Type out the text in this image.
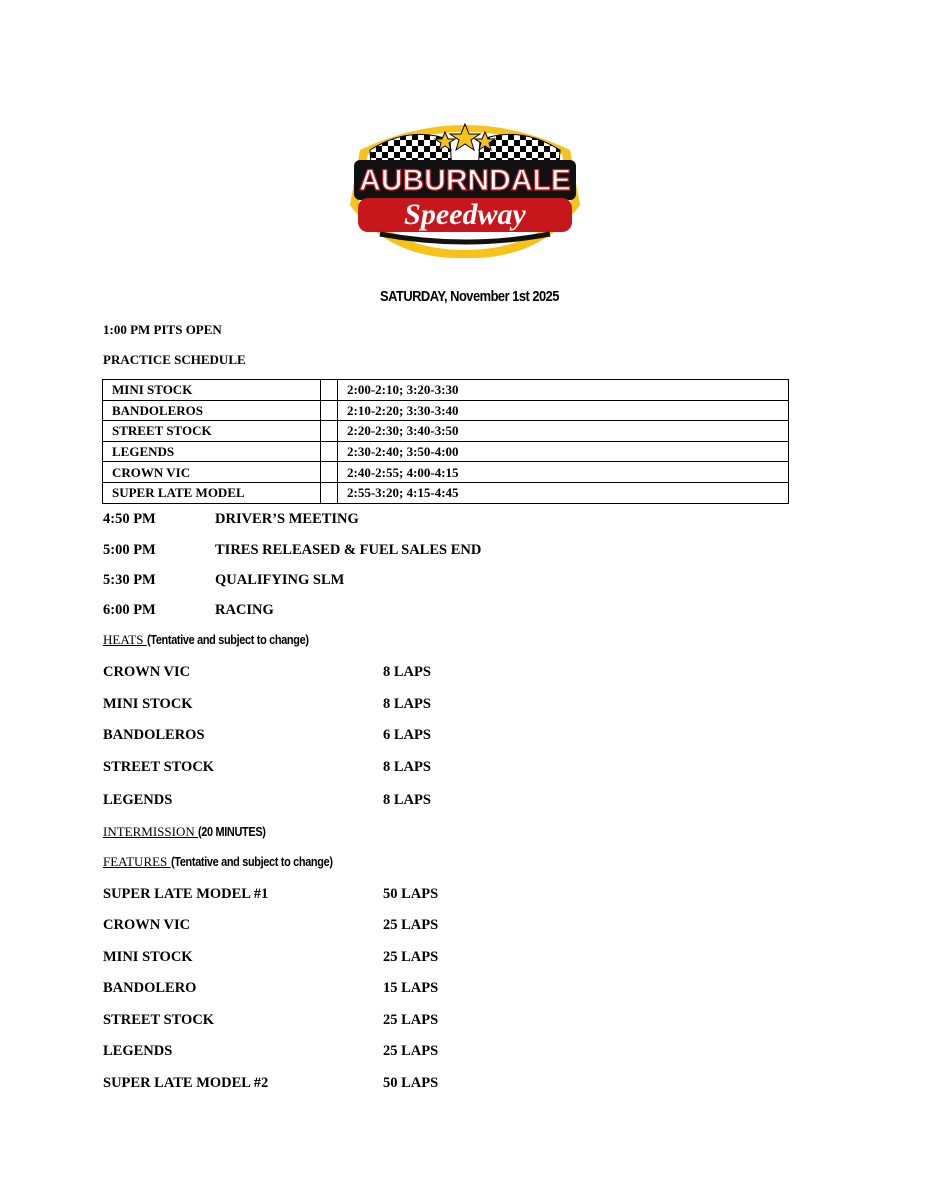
AUBURNDALE
Speedway
SATURDAY, November 1st 2025
1:00 PM PITS OPEN
PRACTICE SCHEDULE
MINI STOCK		2:00-2:10; 3:20-3:30
BANDOLEROS		2:10-2:20; 3:30-3:40
STREET STOCK		2:20-2:30; 3:40-3:50
LEGENDS		2:30-2:40; 3:50-4:00
CROWN VIC		2:40-2:55; 4:00-4:15
SUPER LATE MODEL		2:55-3:20; 4:15-4:45
4:50 PM	DRIVER’S MEETING
5:00 PM	TIRES RELEASED & FUEL SALES END
5:30 PM	QUALIFYING SLM
6:00 PM	RACING
HEATS (Tentative and subject to change)
CROWN VIC	8 LAPS
MINI STOCK	8 LAPS
BANDOLEROS	6 LAPS
STREET STOCK	8 LAPS
LEGENDS	8 LAPS
INTERMISSION (20 MINUTES)
FEATURES (Tentative and subject to change)
SUPER LATE MODEL #1	50 LAPS
CROWN VIC	25 LAPS
MINI STOCK	25 LAPS
BANDOLERO	15 LAPS
STREET STOCK	25 LAPS
LEGENDS	25 LAPS
SUPER LATE MODEL #2	50 LAPS
